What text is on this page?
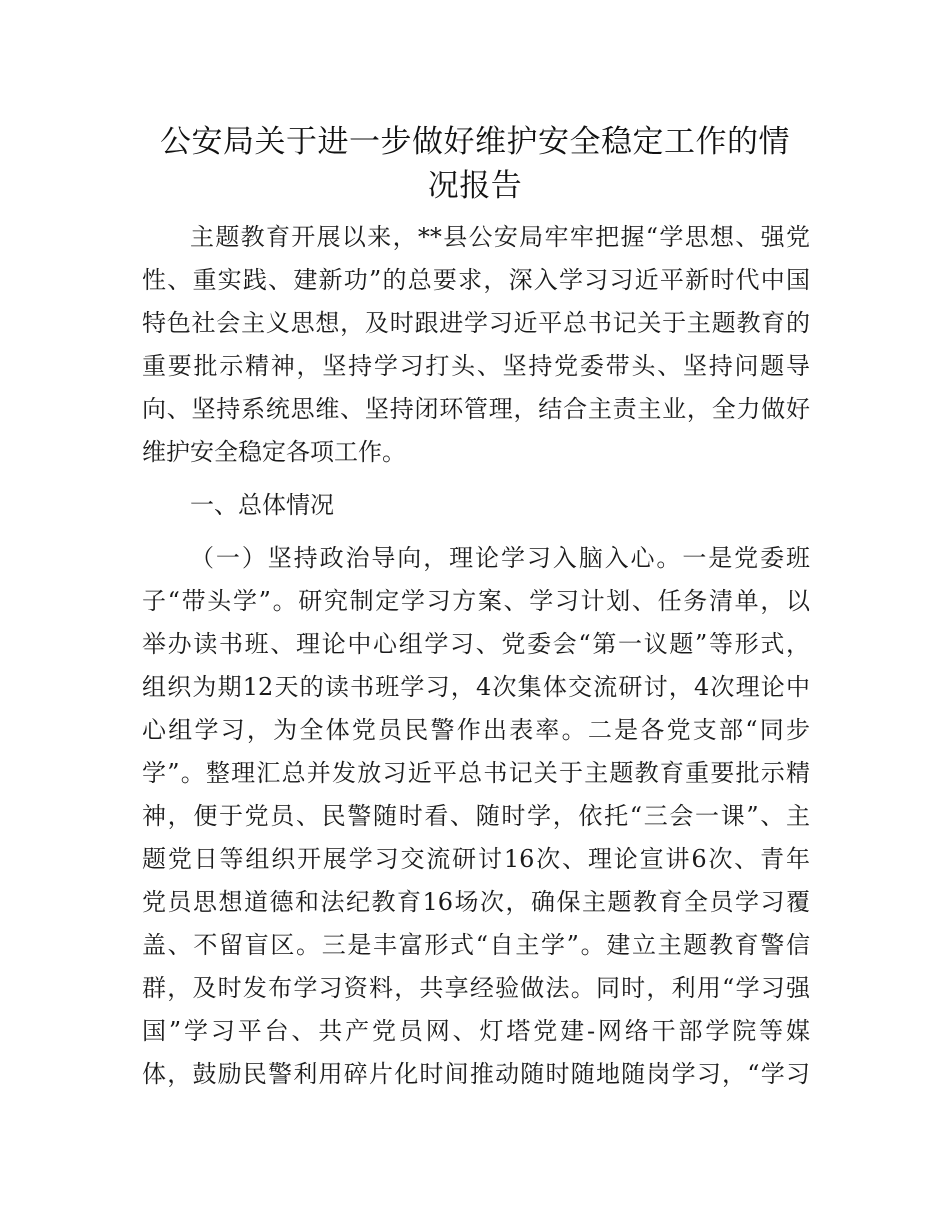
公安局关于进一步做好维护安全稳定工作的情
况报告
主题教育开展以来，**县公安局牢牢把握“学思想、强党
性、重实践、建新功”的总要求，深入学习习近平新时代中国
特色社会主义思想，及时跟进学习近平总书记关于主题教育的
重要批示精神，坚持学习打头、坚持党委带头、坚持问题导
向、坚持系统思维、坚持闭环管理，结合主责主业，全力做好
维护安全稳定各项工作。
一、总体情况
（一）坚持政治导向，理论学习入脑入心。一是党委班
子“带头学”。研究制定学习方案、学习计划、任务清单，以
举办读书班、理论中心组学习、党委会“第一议题”等形式，
组织为期12天的读书班学习，4次集体交流研讨，4次理论中
心组学习，为全体党员民警作出表率。二是各党支部“同步
学”。整理汇总并发放习近平总书记关于主题教育重要批示精
神，便于党员、民警随时看、随时学，依托“三会一课”、主
题党日等组织开展学习交流研讨16次、理论宣讲6次、青年
党员思想道德和法纪教育16场次，确保主题教育全员学习覆
盖、不留盲区。三是丰富形式“自主学”。建立主题教育警信
群，及时发布学习资料，共享经验做法。同时，利用“学习强
国”学习平台、共产党员网、灯塔党建-网络干部学院等媒
体，鼓励民警利用碎片化时间推动随时随地随岗学习，“学习
